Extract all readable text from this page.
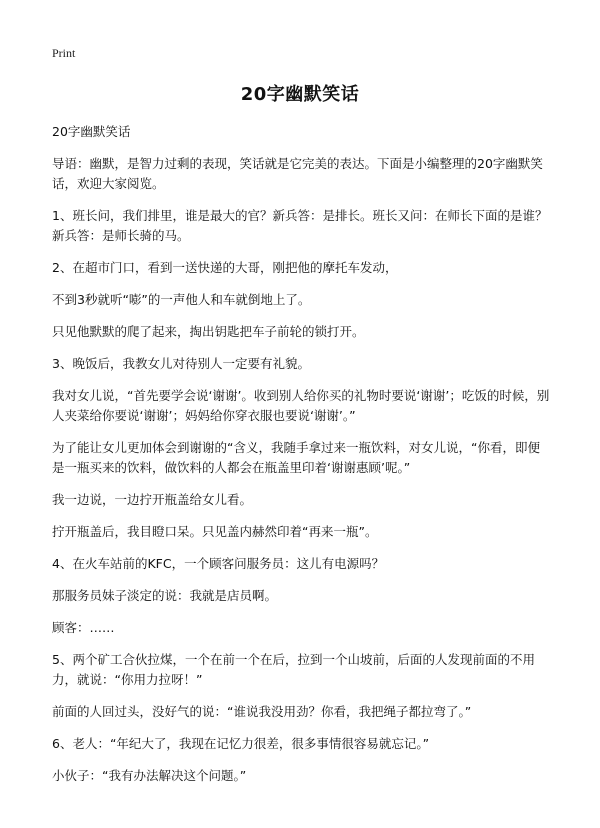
Print
20字幽默笑话

20字幽默笑话

导语：幽默，是智力过剩的表现，笑话就是它完美的表达。下面是小编整理的20字幽默笑话，欢迎大家阅览。

1、班长问，我们排里，谁是最大的官？新兵答：是排长。班长又问：在师长下面的是谁？新兵答：是师长骑的马。

2、在超市门口，看到一送快递的大哥，刚把他的摩托车发动，

不到3秒就听“嘭”的一声他人和车就倒地上了。

只见他默默的爬了起来，掏出钥匙把车子前轮的锁打开。

3、晚饭后，我教女儿对待别人一定要有礼貌。

我对女儿说，“首先要学会说‘谢谢’。收到别人给你买的礼物时要说‘谢谢’；吃饭的时候，别人夹菜给你要说‘谢谢’；妈妈给你穿衣服也要说‘谢谢’。”

为了能让女儿更加体会到谢谢的“含义，我随手拿过来一瓶饮料，对女儿说，“你看，即便是一瓶买来的饮料，做饮料的人都会在瓶盖里印着‘谢谢惠顾’呢。”

我一边说，一边拧开瓶盖给女儿看。

拧开瓶盖后，我目瞪口呆。只见盖内赫然印着“再来一瓶”。

4、在火车站前的KFC，一个顾客问服务员：这儿有电源吗？

那服务员妹子淡定的说：我就是店员啊。

顾客：……

5、两个矿工合伙拉煤，一个在前一个在后，拉到一个山坡前，后面的人发现前面的不用力，就说：“你用力拉呀！”

前面的人回过头，没好气的说：“谁说我没用劲？你看，我把绳子都拉弯了。”

6、老人：“年纪大了，我现在记忆力很差，很多事情很容易就忘记。”

小伙子：“我有办法解决这个问题。”
